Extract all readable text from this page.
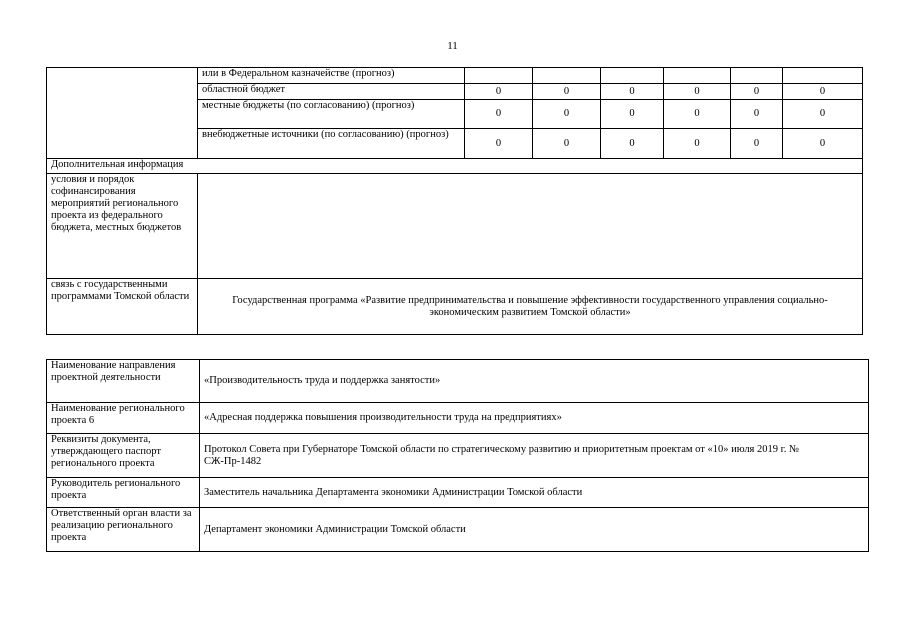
11
	или в Федеральном казначействе (прогноз)						
	областной бюджет	0	0	0	0	0	0
	местные бюджеты (по согласованию) (прогноз)	0	0	0	0	0	0
	внебюджетные источники (по согласованию) (прогноз)	0	0	0	0	0	0
Дополнительная информация							
условия и порядок софинансирования мероприятий регионального проекта из федерального бюджета, местных бюджетов							
связь с государственными программами Томской области	Государственная программа «Развитие предпринимательства и повышение эффективности государственного управления социально-экономическим развитием Томской области»						
Наименование направления проектной деятельности	«Производительность труда и поддержка занятости»
Наименование регионального проекта 6	«Адресная поддержка повышения производительности труда на предприятиях»
Реквизиты документа, утверждающего паспорт регионального проекта	Протокол Совета при Губернаторе Томской области по стратегическому развитию и приоритетным проектам от «10» июля 2019 г. № СЖ-Пр-1482
Руководитель регионального проекта	Заместитель начальника Департамента экономики Администрации Томской области
Ответственный орган власти за реализацию регионального проекта	Департамент экономики Администрации Томской области
